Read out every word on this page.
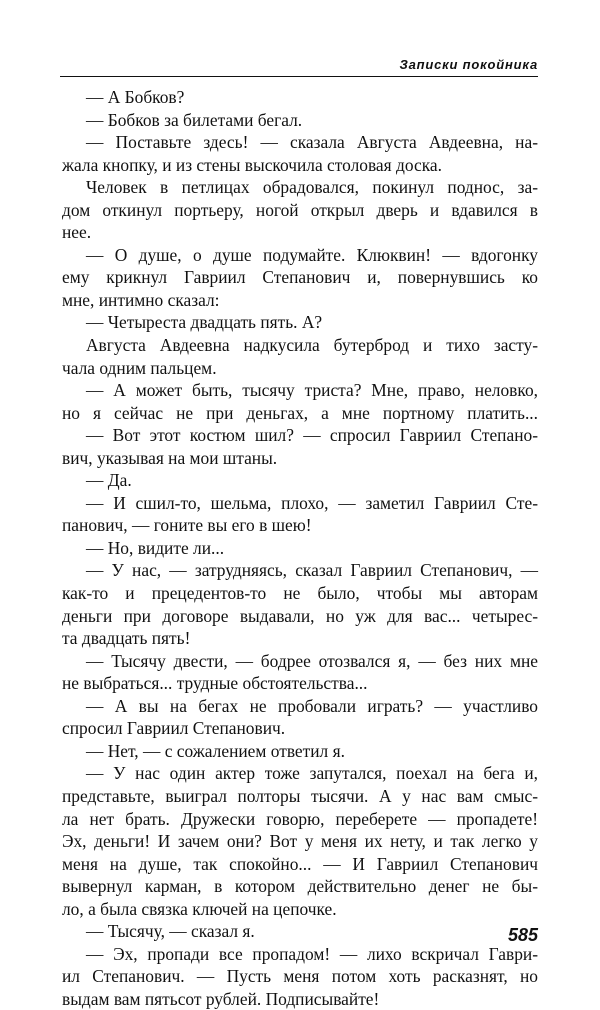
Записки покойника
— А Бобков?
— Бобков за билетами бегал.
— Поставьте здесь! — сказала Августа Авдеевна, на-
жала кнопку, и из стены выскочила столовая доска.
Человек в петлицах обрадовался, покинул поднос, за-
дом откинул портьеру, ногой открыл дверь и вдавился в
нее.
— О душе, о душе подумайте. Клюквин! — вдогонку
ему крикнул Гавриил Степанович и, повернувшись ко
мне, интимно сказал:
— Четыреста двадцать пять. А?
Августа Авдеевна надкусила бутерброд и тихо засту-
чала одним пальцем.
— А может быть, тысячу триста? Мне, право, неловко,
но я сейчас не при деньгах, а мне портному платить...
— Вот этот костюм шил? — спросил Гавриил Степано-
вич, указывая на мои штаны.
— Да.
— И сшил-то, шельма, плохо, — заметил Гавриил Сте-
панович, — гоните вы его в шею!
— Но, видите ли...
— У нас, — затрудняясь, сказал Гавриил Степанович, —
как-то и прецедентов-то не было, чтобы мы авторам
деньги при договоре выдавали, но уж для вас... четырес-
та двадцать пять!
— Тысячу двести, — бодрее отозвался я, — без них мне
не выбраться... трудные обстоятельства...
— А вы на бегах не пробовали играть? — участливо
спросил Гавриил Степанович.
— Нет, — с сожалением ответил я.
— У нас один актер тоже запутался, поехал на бега и,
представьте, выиграл полторы тысячи. А у нас вам смыс-
ла нет брать. Дружески говорю, переберете — пропадете!
Эх, деньги! И зачем они? Вот у меня их нету, и так легко у
меня на душе, так спокойно... — И Гавриил Степанович
вывернул карман, в котором действительно денег не бы-
ло, а была связка ключей на цепочке.
— Тысячу, — сказал я.
— Эх, пропади все пропадом! — лихо вскричал Гаври-
ил Степанович. — Пусть меня потом хоть расказнят, но
выдам вам пятьсот рублей. Подписывайте!
585
